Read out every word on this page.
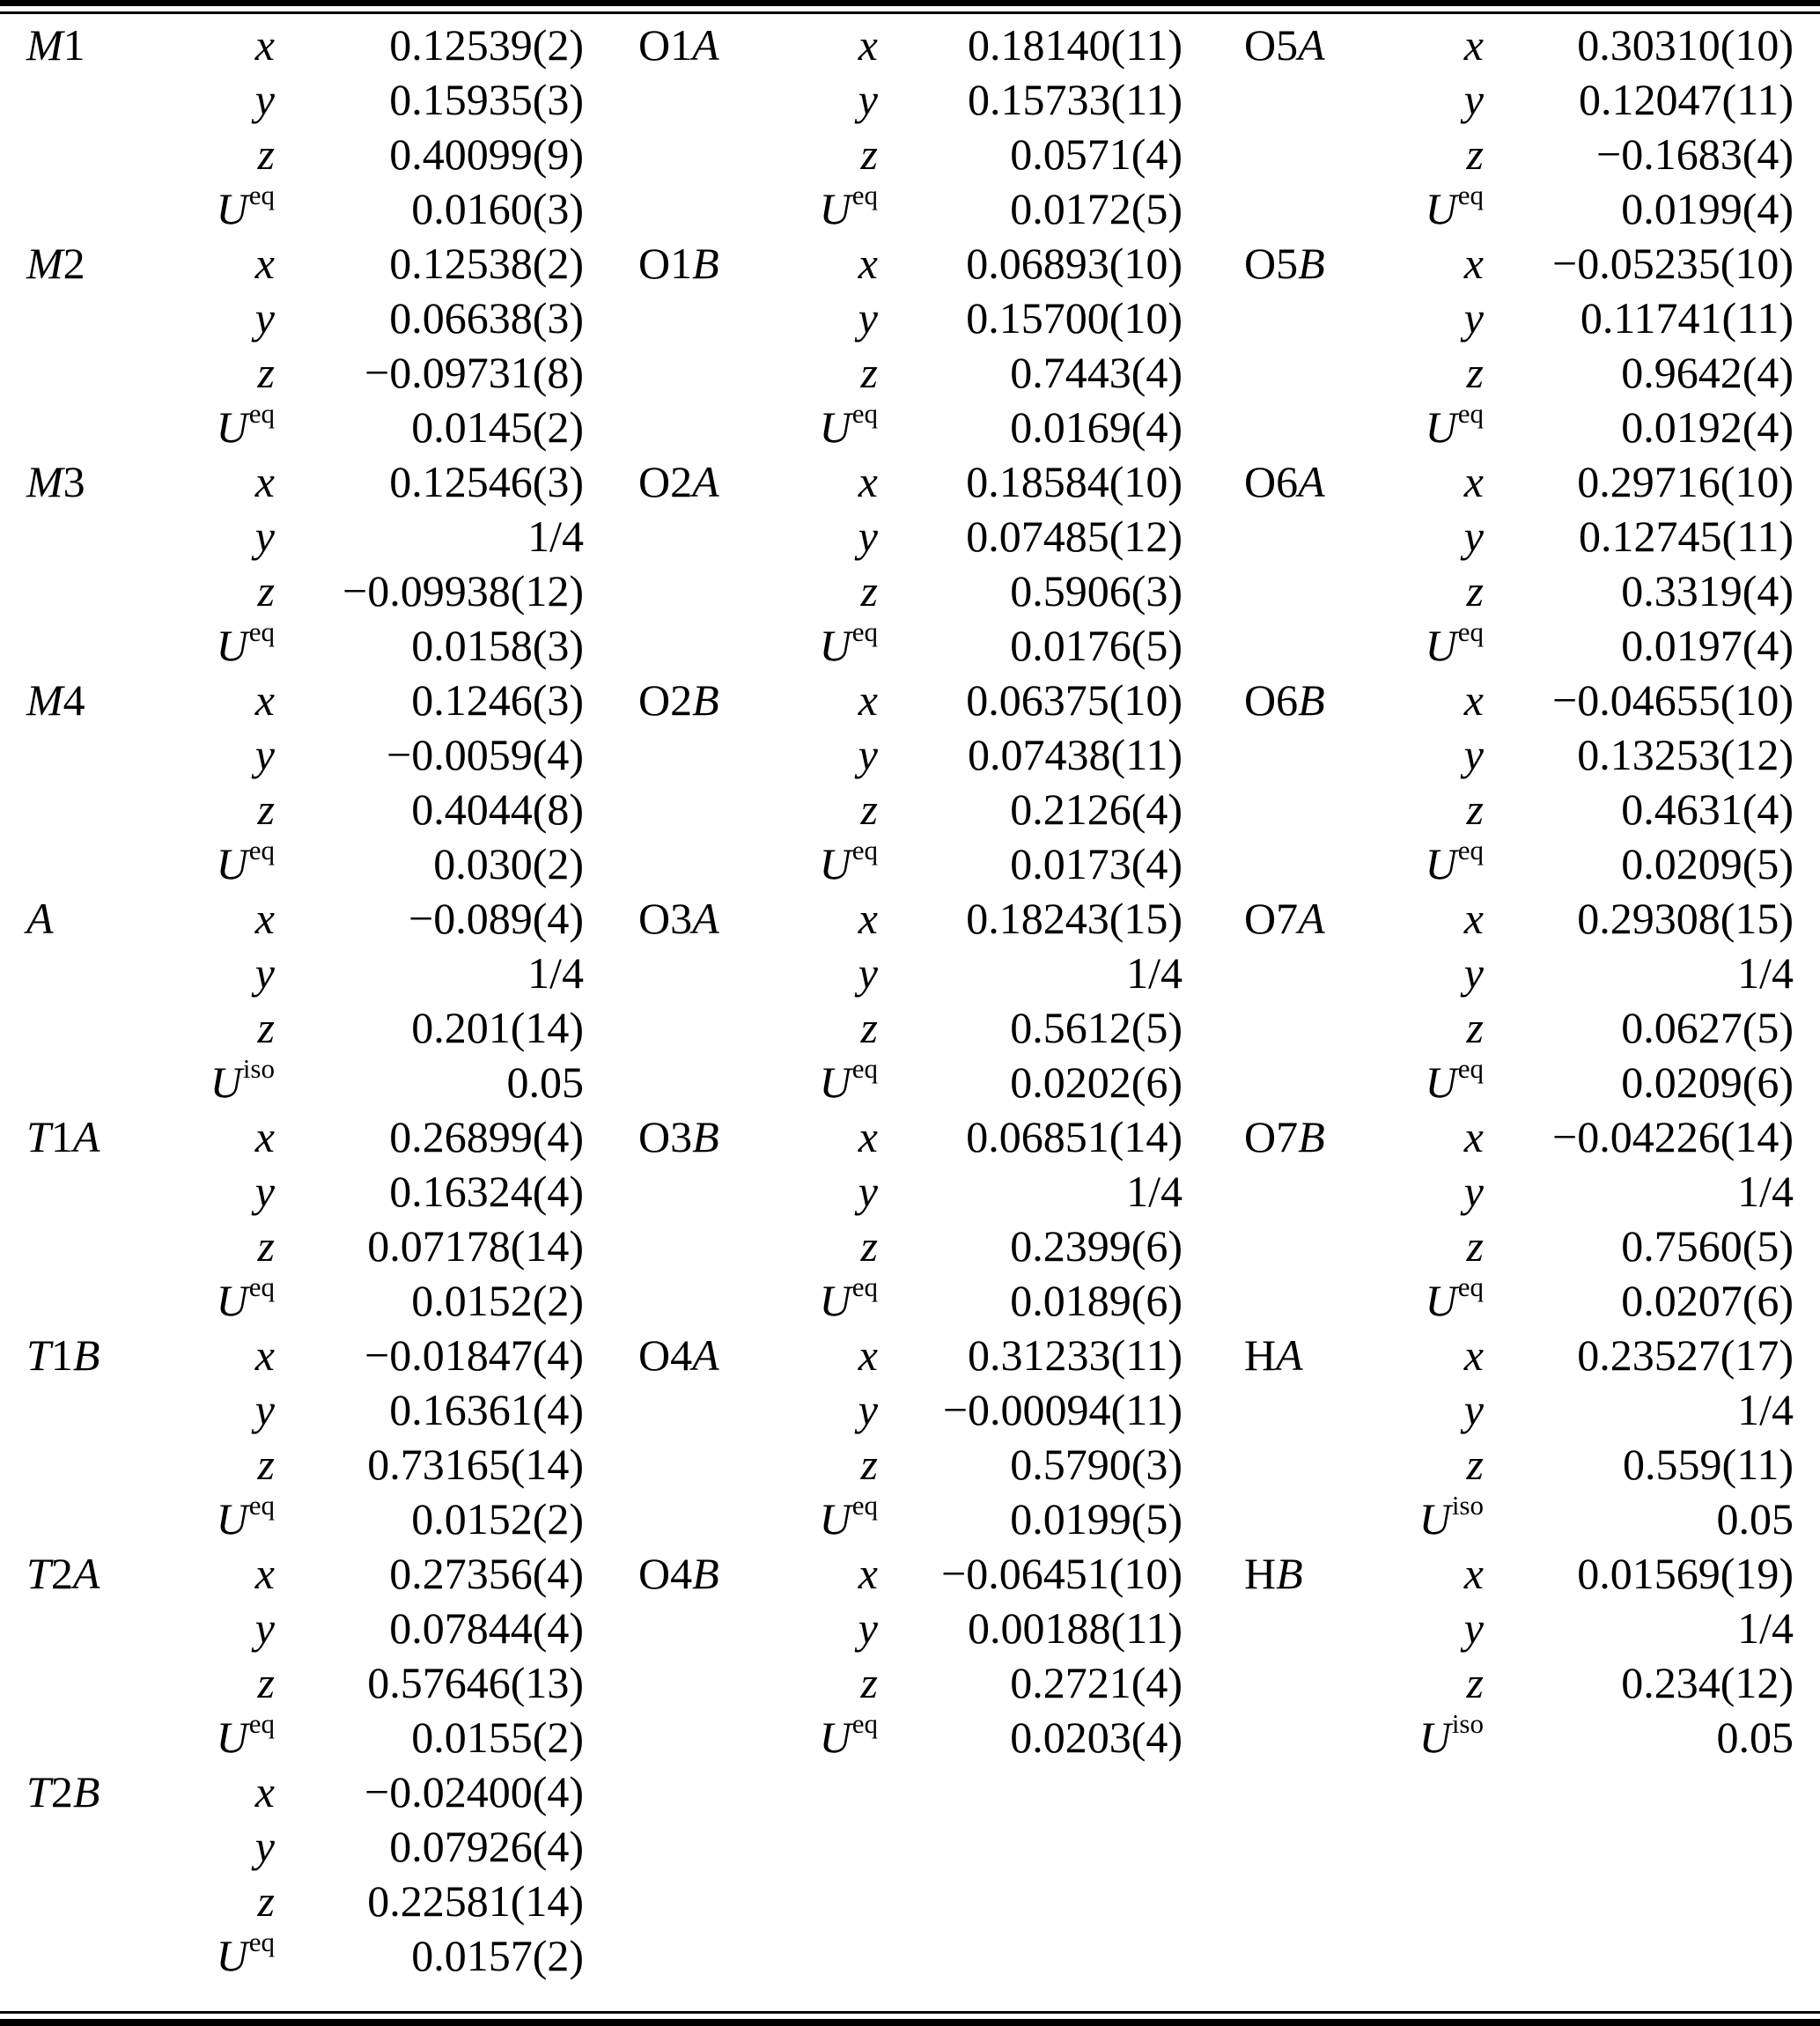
M 1	x	0.12539(2)
y	0.15935(3)
z	0.40099(9)
U eq	0.0160(3)
M 2	x	0.12538(2)
y	0.06638(3)
z	−0.09731(8)
U eq	0.0145(2)
M 3	x	0.12546(3)
y	1/4
z	−0.09938(12)
U eq	0.0158(3)
M 4	x	0.1246(3)
y	−0.0059(4)
z	0.4044(8)
U eq	0.030(2)
A	x	−0.089(4)
y	1/4
z	0.201(14)
U iso	0.05
T 1 A	x	0.26899(4)
y	0.16324(4)
z	0.07178(14)
U eq	0.0152(2)
T 1 B	x	−0.01847(4)
y	0.16361(4)
z	0.73165(14)
U eq	0.0152(2)
T 2 A	x	0.27356(4)
y	0.07844(4)
z	0.57646(13)
U eq	0.0155(2)
T 2 B	x	−0.02400(4)
y	0.07926(4)
z	0.22581(14)
U eq	0.0157(2)
O 1 A	x	0.18140(11)
y	0.15733(11)
z	0.0571(4)
U eq	0.0172(5)
O 1 B	x	0.06893(10)
y	0.15700(10)
z	0.7443(4)
U eq	0.0169(4)
O 2 A	x	0.18584(10)
y	0.07485(12)
z	0.5906(3)
U eq	0.0176(5)
O 2 B	x	0.06375(10)
y	0.07438(11)
z	0.2126(4)
U eq	0.0173(4)
O 3 A	x	0.18243(15)
y	1/4
z	0.5612(5)
U eq	0.0202(6)
O 3 B	x	0.06851(14)
y	1/4
z	0.2399(6)
U eq	0.0189(6)
O 4 A	x	0.31233(11)
y	−0.00094(11)
z	0.5790(3)
U eq	0.0199(5)
O 4 B	x	−0.06451(10)
y	0.00188(11)
z	0.2721(4)
U eq	0.0203(4)
O 5 A	x	0.30310(10)
y	0.12047(11)
z	−0.1683(4)
U eq	0.0199(4)
O 5 B	x	−0.05235(10)
y	0.11741(11)
z	0.9642(4)
U eq	0.0192(4)
O 6 A	x	0.29716(10)
y	0.12745(11)
z	0.3319(4)
U eq	0.0197(4)
O 6 B	x	−0.04655(10)
y	0.13253(12)
z	0.4631(4)
U eq	0.0209(5)
O 7 A	x	0.29308(15)
y	1/4
z	0.0627(5)
U eq	0.0209(6)
O 7 B	x	−0.04226(14)
y	1/4
z	0.7560(5)
U eq	0.0207(6)
H A	x	0.23527(17)
y	1/4
z	0.559(11)
U iso	0.05
H B	x	0.01569(19)
y	1/4
z	0.234(12)
U iso	0.05
